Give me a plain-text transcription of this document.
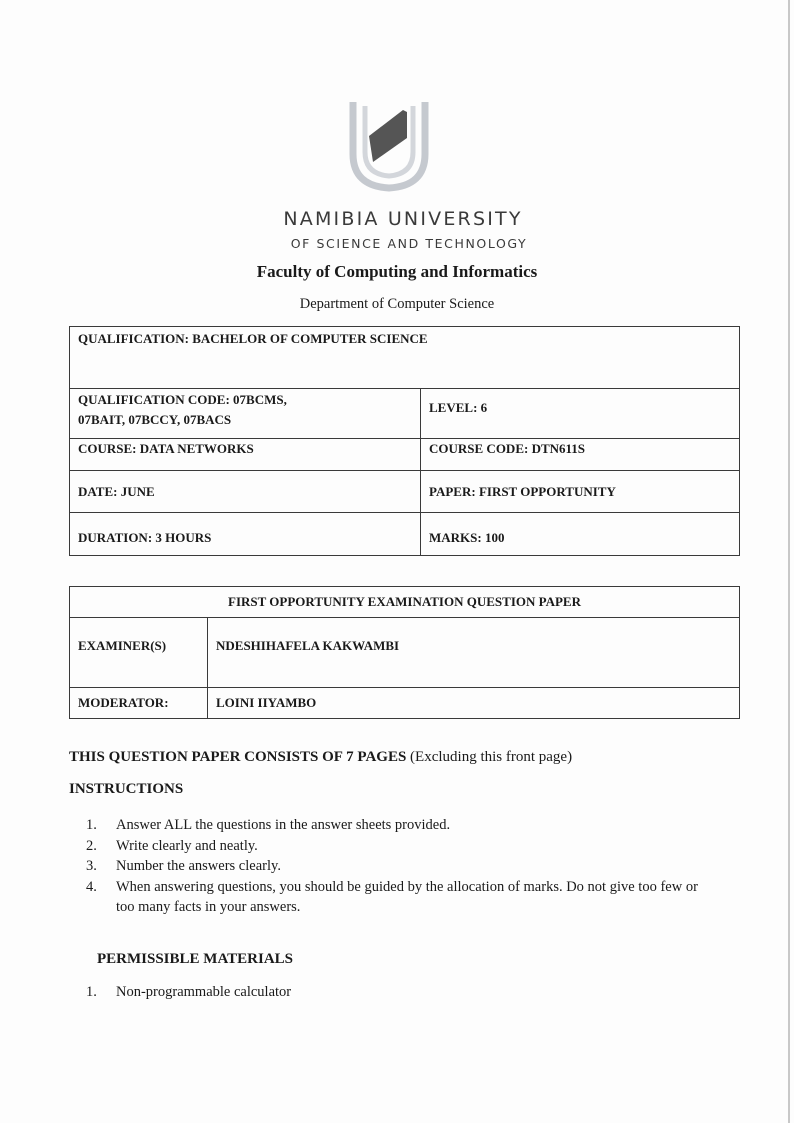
NAMIBIA UNIVERSITY
OF SCIENCE AND TECHNOLOGY
Faculty of Computing and Informatics
Department of Computer Science
QUALIFICATION: BACHELOR OF COMPUTER SCIENCE	

QUALIFICATION CODE: 07BCMS,
07BAIT, 07BCCY, 07BACS	LEVEL: 6
COURSE: DATA NETWORKS	COURSE CODE: DTN611S
DATE: JUNE	PAPER: FIRST OPPORTUNITY
DURATION: 3 HOURS	MARKS: 100
FIRST OPPORTUNITY EXAMINATION QUESTION PAPER	
EXAMINER(S)	NDESHIHAFELA KAKWAMBI
MODERATOR:	LOINI IIYAMBO
THIS QUESTION PAPER CONSISTS OF 7 PAGES (Excluding this front page)
INSTRUCTIONS
1.	Answer ALL the questions in the answer sheets provided.
2.	Write clearly and neatly.
3.	Number the answers clearly.
4.	When answering questions, you should be guided by the allocation of marks. Do not give too few or too many facts in your answers.
PERMISSIBLE MATERIALS
1.	Non-programmable calculator
